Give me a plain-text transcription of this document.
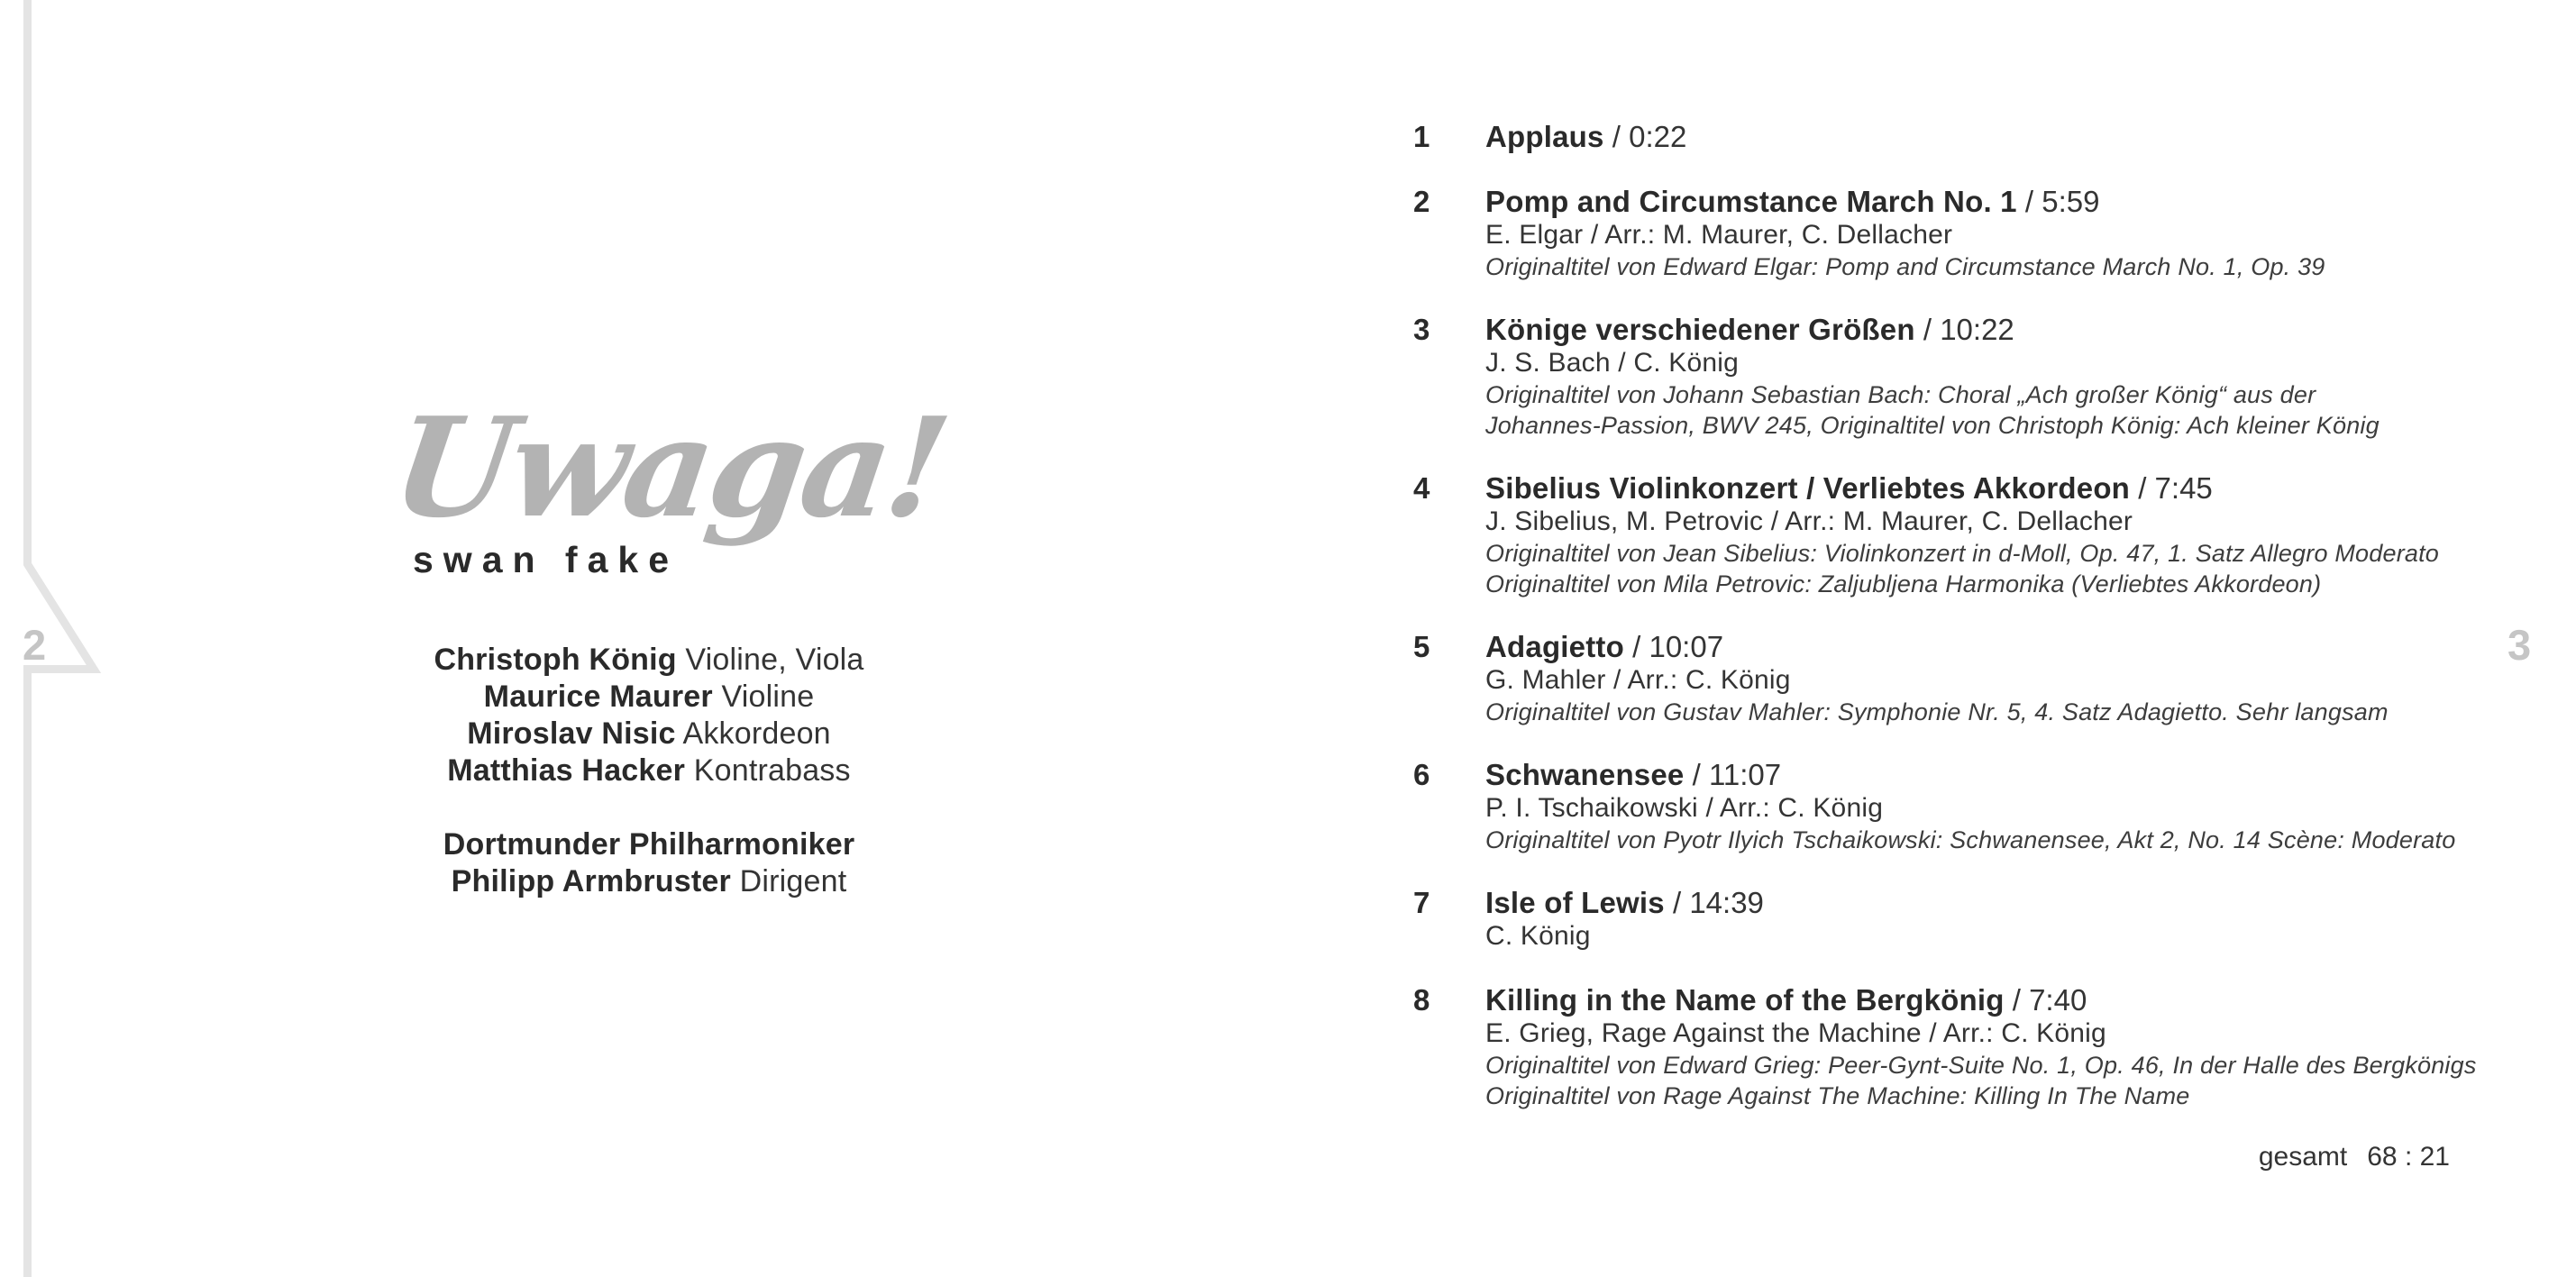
2	3
Uwaga!
swan fake
Christoph König Violine, Viola
Maurice Maurer Violine
Miroslav Nisic Akkordeon
Matthias Hacker Kontrabass
Dortmunder Philharmoniker
Philipp Armbruster Dirigent
1	Applaus / 0:22
2	Pomp and Circumstance March No. 1 / 5:59
E. Elgar / Arr.: M. Maurer, C. Dellacher
Originaltitel von Edward Elgar: Pomp and Circumstance March No. 1, Op. 39
3	Könige verschiedener Größen / 10:22
J. S. Bach / C. König
Originaltitel von Johann Sebastian Bach: Choral „Ach großer König“ aus der
Johannes-Passion, BWV 245, Originaltitel von Christoph König: Ach kleiner König
4	Sibelius Violinkonzert / Verliebtes Akkordeon / 7:45
J. Sibelius, M. Petrovic / Arr.: M. Maurer, C. Dellacher
Originaltitel von Jean Sibelius: Violinkonzert in d-Moll, Op. 47, 1. Satz Allegro Moderato
Originaltitel von Mila Petrovic: Zaljubljena Harmonika (Verliebtes Akkordeon)
5	Adagietto / 10:07
G. Mahler / Arr.: C. König
Originaltitel von Gustav Mahler: Symphonie Nr. 5, 4. Satz Adagietto. Sehr langsam
6	Schwanensee / 11:07
P. I. Tschaikowski / Arr.: C. König
Originaltitel von Pyotr Ilyich Tschaikowski: Schwanensee, Akt 2, No. 14 Scène: Moderato
7	Isle of Lewis / 14:39
C. König
8	Killing in the Name of the Bergkönig / 7:40
E. Grieg, Rage Against the Machine / Arr.: C. König
Originaltitel von Edward Grieg: Peer-Gynt-Suite No. 1, Op. 46, In der Halle des Bergkönigs
Originaltitel von Rage Against The Machine: Killing In The Name
gesamt 68 : 21
